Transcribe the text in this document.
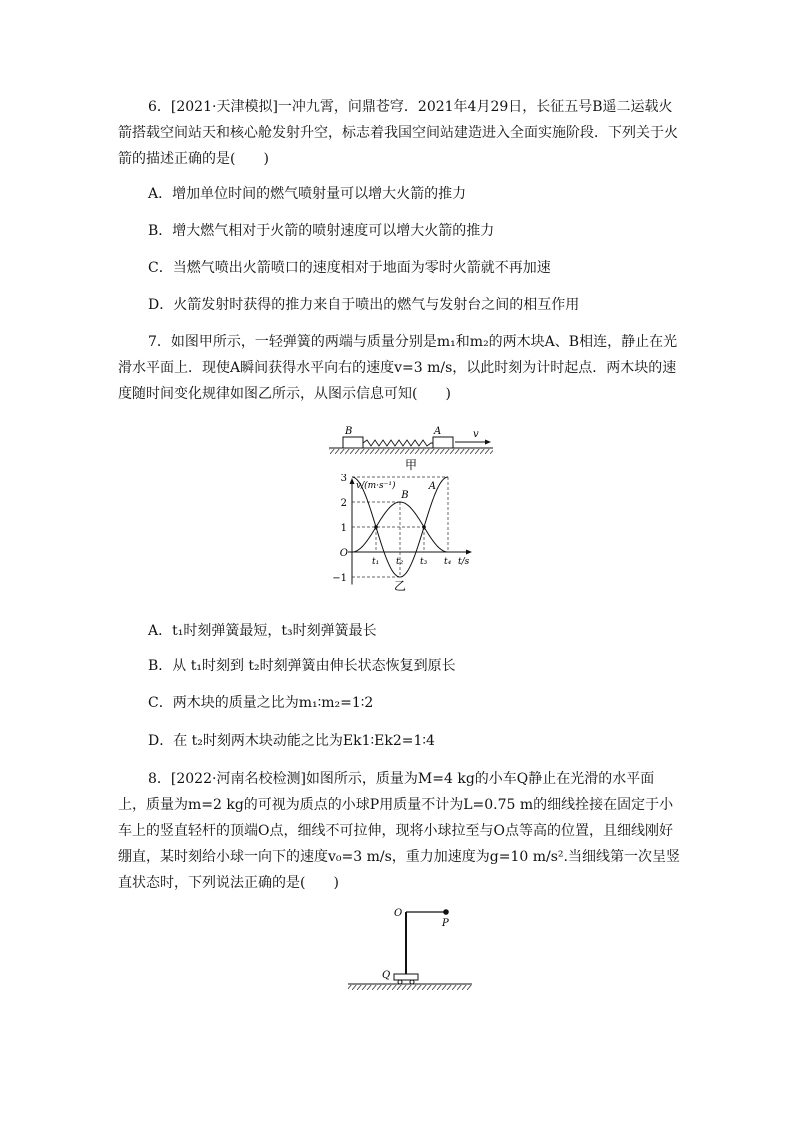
6．[2021·天津模拟]一冲九霄，问鼎苍穹．2021年4月29日，长征五号B遥二运载火箭搭载空间站天和核心舱发射升空，标志着我国空间站建造进入全面实施阶段．下列关于火箭的描述正确的是(　　)

A．增加单位时间的燃气喷射量可以增大火箭的推力

B．增大燃气相对于火箭的喷射速度可以增大火箭的推力

C．当燃气喷出火箭喷口的速度相对于地面为零时火箭就不再加速

D．火箭发射时获得的推力来自于喷出的燃气与发射台之间的相互作用

7．如图甲所示，一轻弹簧的两端与质量分别是m₁和m₂的两木块A、B相连，静止在光滑水平面上．现使A瞬间获得水平向右的速度v=3 m/s，以此时刻为计时起点．两木块的速度随时间变化规律如图乙所示，从图示信息可知(　　)

B	A	v
甲
v/(m·s⁻¹)
t/s
O
3
2
1
−1
t₁ t₂ t₃ t₄
B
A
乙

A．t₁时刻弹簧最短，t₃时刻弹簧最长

B．从 t₁时刻到 t₂时刻弹簧由伸长状态恢复到原长

C．两木块的质量之比为m₁∶m₂=1∶2

D．在 t₂时刻两木块动能之比为Ek1∶Ek2=1∶4

8．[2022·河南名校检测]如图所示，质量为M=4 kg的小车Q静止在光滑的水平面上，质量为m=2 kg的可视为质点的小球P用质量不计为L=0.75 m的细线拴接在固定于小车上的竖直轻杆的顶端O点，细线不可拉伸，现将小球拉至与O点等高的位置，且细线刚好绷直，某时刻给小球一向下的速度v₀=3 m/s，重力加速度为g=10 m/s².当细线第一次呈竖直状态时，下列说法正确的是(　　)

O
P
Q
